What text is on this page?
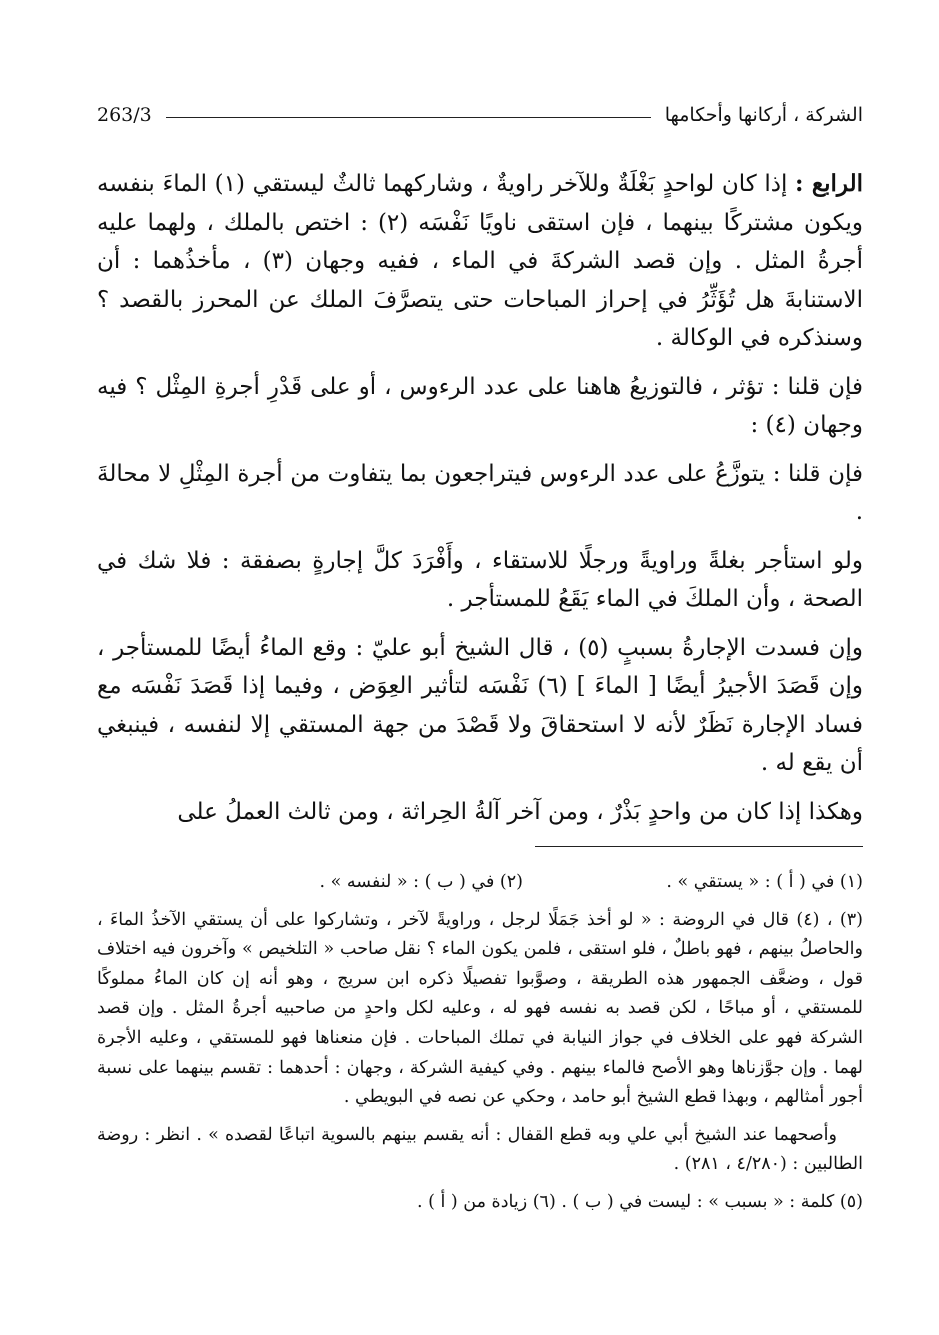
الشركة ، أركانها وأحكامها
263/3

الرابع : إذا كان لواحدٍ بَغْلَةٌ وللآخر راويةٌ ، وشاركهما ثالثٌ ليستقي (١) الماءَ بنفسه ويكون مشتركًا بينهما ، فإن استقى ناويًا نَفْسَه (٢) : اختص بالملك ، ولهما عليه أجرةُ المثل . وإن قصد الشركةَ في الماء ، ففيه وجهان (٣) ، مأخذُهما : أن الاستنابةَ هل تُؤَثِّرُ في إحراز المباحات حتى يتصرَّفَ الملك عن المحرز بالقصد ؟ وسنذكره في الوكالة .

فإن قلنا : تؤثر ، فالتوزيعُ هاهنا على عدد الرءوس ، أو على قَدْرِ أجرةِ المِثْل ؟ فيه وجهان (٤) :

فإن قلنا : يتوزَّعُ على عدد الرءوس فيتراجعون بما يتفاوت من أجرة المِثْلِ لا محالةَ .

ولو استأجر بغلةً وراويةً ورجلًا للاستقاء ، وأَفْرَدَ كلَّ إجارةٍ بصفقة : فلا شك في الصحة ، وأن الملكَ في الماء يَقَعُ للمستأجر .

وإن فسدت الإجارةُ بسببٍ (٥) ، قال الشيخ أبو عليّ : وقع الماءُ أيضًا للمستأجر ، وإن قَصَدَ الأجيرُ أيضًا [ الماءَ ] (٦) نَفْسَه لتأثير العِوَض ، وفيما إذا قَصَدَ نَفْسَه مع فساد الإجارة نَظَرٌ لأنه لا استحقاقَ ولا قَصْدَ من جهة المستقي إلا لنفسه ، فينبغي أن يقع له .

وهكذا إذا كان من واحدٍ بَذْرٌ ، ومن آخر آلةُ الحِراثة ، ومن ثالث العملُ على

(١) في ( أ ) : « يستقي » .
(٢) في ( ب ) : « لنفسه » .

(٣) ، (٤) قال في الروضة : « لو أخذ جَمَلًا لرجل ، وراويةً لآخر ، وتشاركوا على أن يستقي الآخذُ الماءَ ، والحاصلُ بينهم ، فهو باطلٌ ، فلو استقى ، فلمن يكون الماء ؟ نقل صاحب « التلخيص » وآخرون فيه اختلاف قول ، وضعَّف الجمهور هذه الطريقة ، وصوَّبوا تفصيلًا ذكره ابن سريج ، وهو أنه إن كان الماءُ مملوكًا للمستقي ، أو مباحًا ، لكن قصد به نفسه فهو له ، وعليه لكل واحدٍ من صاحبيه أجرةُ المثل . وإن قصد الشركة فهو على الخلاف في جواز النيابة في تملك المباحات . فإن منعناها فهو للمستقي ، وعليه الأجرة لهما . وإن جوَّزناها وهو الأصح فالماء بينهم . وفي كيفية الشركة ، وجهان : أحدهما : تقسم بينهما على نسبة أجور أمثالهم ، وبهذا قطع الشيخ أبو حامد ، وحكي عن نصه في البويطي .

وأصحهما عند الشيخ أبي علي وبه قطع القفال : أنه يقسم بينهم بالسوية اتباعًا لقصده » . انظر : روضة الطالبين : (٤/٢٨٠ ، ٢٨١) .

(٥) كلمة : « بسبب » : ليست في ( ب ) . (٦) زيادة من ( أ ) .
